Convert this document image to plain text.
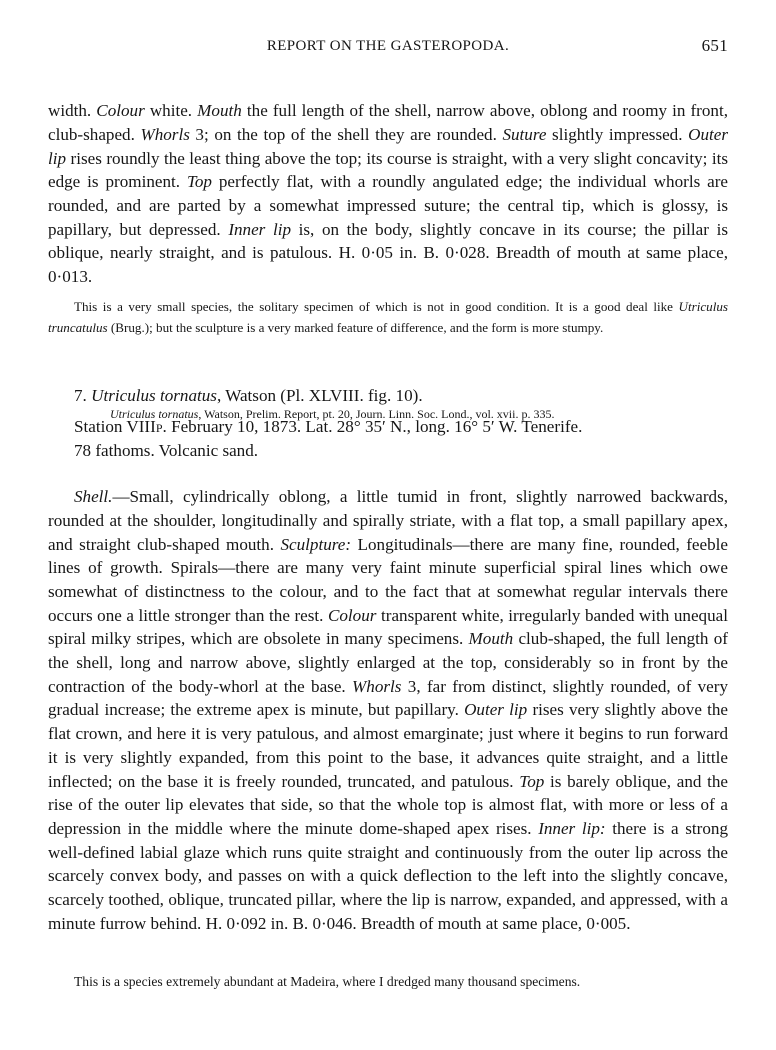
REPORT ON THE GASTEROPODA.	651

width. Colour white. Mouth the full length of the shell, narrow above, oblong and roomy in front, club-shaped. Whorls 3; on the top of the shell they are rounded. Suture slightly impressed. Outer lip rises roundly the least thing above the top; its course is straight, with a very slight concavity; its edge is prominent. Top perfectly flat, with a roundly angulated edge; the individual whorls are rounded, and are parted by a somewhat impressed suture; the central tip, which is glossy, is papillary, but depressed. Inner lip is, on the body, slightly concave in its course; the pillar is oblique, nearly straight, and is patulous. H. 0·05 in. B. 0·028. Breadth of mouth at same place, 0·013.

This is a very small species, the solitary specimen of which is not in good condition. It is a good deal like Utriculus truncatulus (Brug.); but the sculpture is a very marked feature of difference, and the form is more stumpy.

7. Utriculus tornatus, Watson (Pl. XLVIII. fig. 10).

Utriculus tornatus, Watson, Prelim. Report, pt. 20, Journ. Linn. Soc. Lond., vol. xvii. p. 335.

Station VIIIp. February 10, 1873. Lat. 28° 35′ N., long. 16° 5′ W. Tenerife.

78 fathoms. Volcanic sand.

Shell.—Small, cylindrically oblong, a little tumid in front, slightly narrowed backwards, rounded at the shoulder, longitudinally and spirally striate, with a flat top, a small papillary apex, and straight club-shaped mouth. Sculpture: Longitudinals—there are many fine, rounded, feeble lines of growth. Spirals—there are many very faint minute superficial spiral lines which owe somewhat of distinctness to the colour, and to the fact that at somewhat regular intervals there occurs one a little stronger than the rest. Colour transparent white, irregularly banded with unequal spiral milky stripes, which are obsolete in many specimens. Mouth club-shaped, the full length of the shell, long and narrow above, slightly enlarged at the top, considerably so in front by the contraction of the body-whorl at the base. Whorls 3, far from distinct, slightly rounded, of very gradual increase; the extreme apex is minute, but papillary. Outer lip rises very slightly above the flat crown, and here it is very patulous, and almost emarginate; just where it begins to run forward it is very slightly expanded, from this point to the base, it advances quite straight, and a little inflected; on the base it is freely rounded, truncated, and patulous. Top is barely oblique, and the rise of the outer lip elevates that side, so that the whole top is almost flat, with more or less of a depression in the middle where the minute dome-shaped apex rises. Inner lip: there is a strong well-defined labial glaze which runs quite straight and continuously from the outer lip across the scarcely convex body, and passes on with a quick deflection to the left into the slightly concave, scarcely toothed, oblique, truncated pillar, where the lip is narrow, expanded, and appressed, with a minute furrow behind. H. 0·092 in. B. 0·046. Breadth of mouth at same place, 0·005.

This is a species extremely abundant at Madeira, where I dredged many thousand specimens.
